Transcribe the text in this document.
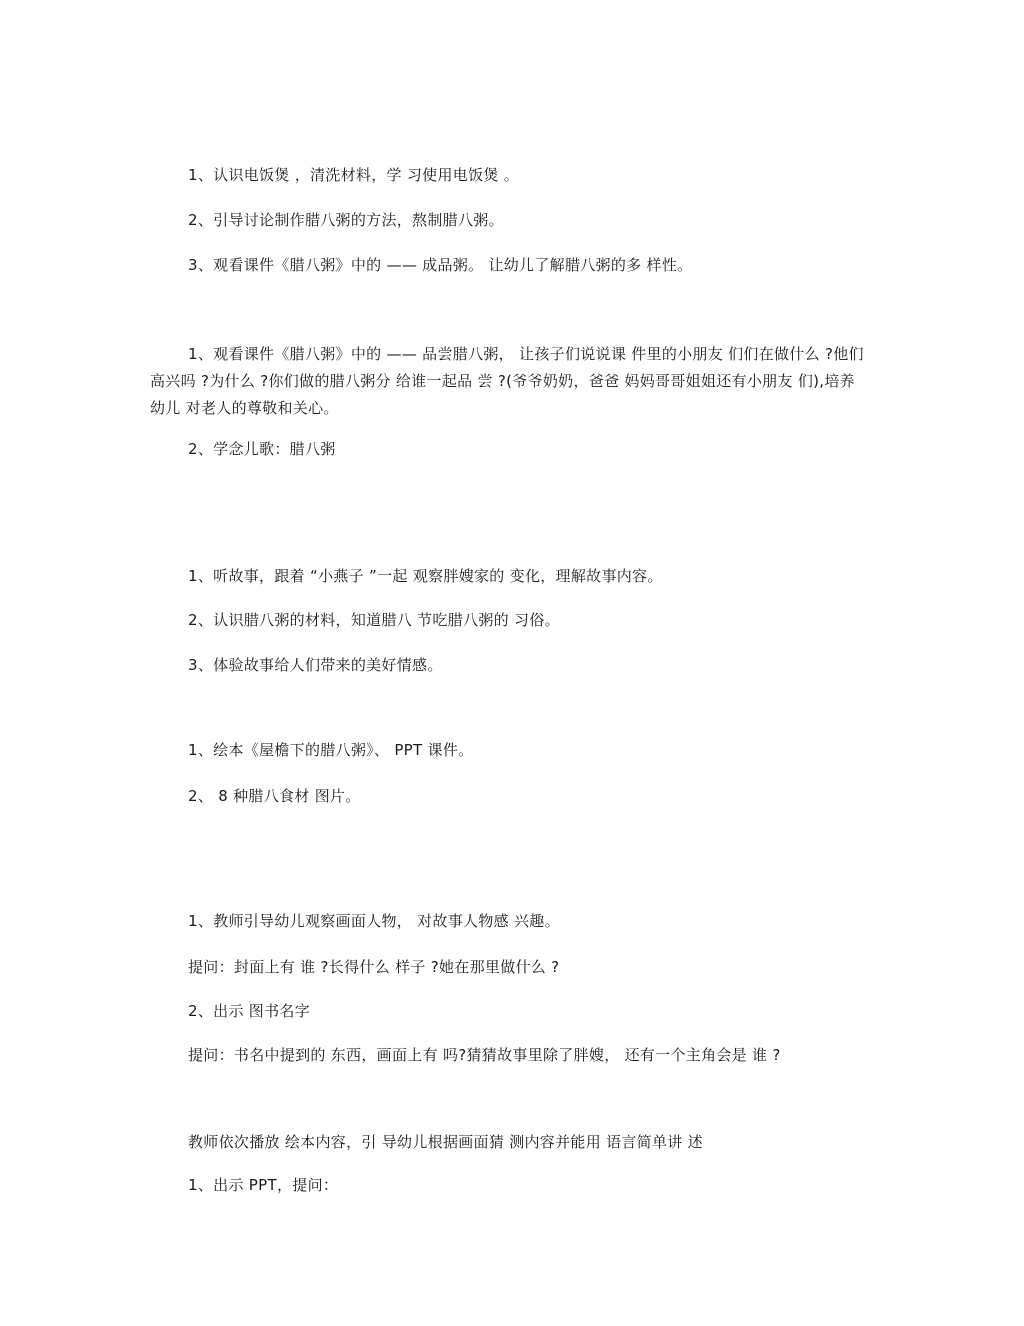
1、认识电饭煲 ，清洗材料，学 习使用电饭煲 。
2、引导讨论制作腊八粥的方法，熬制腊八粥。
3、观看课件《腊八粥》中的 —— 成品粥。 让幼儿了解腊八粥的多 样性。
1、观看课件《腊八粥》中的 —— 品尝腊八粥， 让孩子们说说课 件里的小朋友 们们在做什么 ?他们高兴吗 ?为什么 ?你们做的腊八粥分 给谁一起品 尝 ?(爷爷奶奶，爸爸 妈妈哥哥姐姐还有小朋友 们),培养幼儿 对老人的尊敬和关心。
2、学念儿歌：腊八粥
1、听故事，跟着 “小燕子 ”一起 观察胖嫂家的 变化，理解故事内容。
2、认识腊八粥的材料，知道腊八 节吃腊八粥的 习俗。
3、体验故事给人们带来的美好情感。
1、绘本《屋檐下的腊八粥》、 PPT 课件。
2、 8 种腊八食材 图片。
1、教师引导幼儿观察画面人物， 对故事人物感 兴趣。
提问：封面上有 谁 ?长得什么 样子 ?她在那里做什么 ?
2、出示 图书名字
提问：书名中提到的 东西，画面上有 吗?猜猜故事里除了胖嫂， 还有一个主角会是 谁 ?
教师依次播放 绘本内容，引 导幼儿根据画面猜 测内容并能用 语言简单讲 述
1、出示 PPT，提问：
